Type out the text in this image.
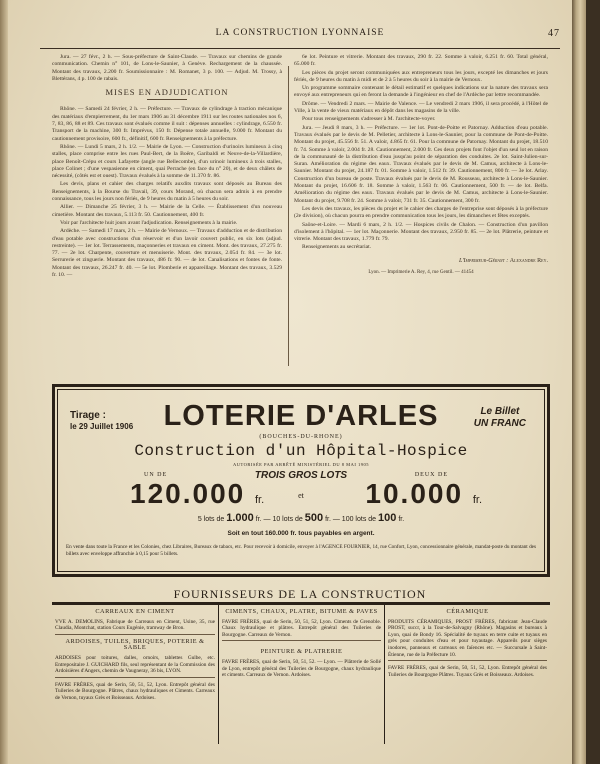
LA CONSTRUCTION LYONNAISE	47

Jura. — 27 févr., 2 h. — Sous-préfecture de Saint-Claude. — Travaux sur chemins de grande communication. Chemin n° 101, de Lons-le-Saunier, à Genève. Rechargement de la chaussée. Montant des travaux, 2.200 fr. Soumissionnaire : M. Romanet, 3 p. 100. — Adjud. M. Trossy, à Blettérans, 4 p. 100 de rabais.

MISES EN ADJUDICATION

Rhône. — Samedi 24 février, 2 h. — Préfecture. — Travaux de cylindrage à traction mécanique des matériaux d'empierrement, du 1er mars 1906 au 31 décembre 1911 sur les routes nationales nos 6, 7, 83, 86, 88 et 89. Ces travaux sont évalués comme il suit : dépenses annuelles : cylindrage, 6.550 fr. Transport de la machine, 300 fr. Imprévus, 150 fr. Dépense totale annuelle, 9.000 fr. Montant du cautionnement provisoire, 600 fr., définitif, 600 fr. Renseignements à la préfecture.

Rhône. — Lundi 5 mars, 2 h. 1/2. — Mairie de Lyon. — Construction d'urinoirs lumineux à cinq stalles, place comprise entre les rues Paul-Bert, de la Boëre, Garibaldi et Neuve-de-la-Villardière, place Benoît-Crépu et cours Lafayette (angle rue Bellecombe), d'un urinoir lumineux à trois stalles, place Colinet ; d'une vespasienne en ciment, quai Perrache (en face du n° 20), et de deux châlets de nécessité, (côtés est et ouest). Travaux évalués à la somme de 11.370 fr. 86.

Les devis, plans et cahier des charges relatifs auxdits travaux sont déposés au Bureau des Renseignements, à la Bourse du Travail, 39, cours Morand, où chacun sera admis à en prendre connaissance, tous les jours non fériés, de 9 heures du matin à 5 heures du soir.

Allier. — Dimanche 25 février, 3 h. — Mairie de la Celle. — Établissement d'un nouveau cimetière. Montant des travaux, 5.113 fr. 50. Cautionnement, 400 fr.

Voir par l'architecte huit jours avant l'adjudication. Renseignements à la mairie.

Ardèche. — Samedi 17 mars, 2 h. — Mairie de Vernoux. — Travaux d'adduction et de distribution d'eau potable avec constructions d'un réservoir et d'un lavoir couvert public, en six lots (adjud. restreinte). — 1er lot. Terrassements, maçonneries et travaux en ciment. Mont. des travaux, 27.275 fr. 77. — 2e lot. Charpente, couverture et menuiserie. Mont. des travaux, 2.054 fr. 84. — 3e lot. Serrurerie et zinguerie. Montant des travaux, 486 fr. 90. — 4e lot. Canalisations et fontes de fonte. Montant des travaux, 26.247 fr. 40. — 5e lot. Plomberie et appareillage. Montant des travaux, 3.529 fr. 10. —

6e lot. Peinture et vitrerie. Montant des travaux, 290 fr. 22. Somme à valoir, 6.251 fr. 60. Total général, 65.000 fr.

Les pièces du projet seront communiquées aux entrepreneurs tous les jours, excepté les dimanches et jours fériés, de 9 heures du matin à midi et de 2 à 5 heures du soir à la mairie de Vernoux.

Un programme sommaire contenant le détail estimatif et quelques indications sur la nature des travaux sera envoyé aux entrepreneurs qui en feront la demande à l'ingénieur en chef de l'Ardèche par lettre recommandée.

Drôme. — Vendredi 2 mars. — Mairie de Valence. — Le vendredi 2 mars 1906, il sera procédé, à l'Hôtel de Ville, à la vente de vieux matériaux en dépôt dans les magasins de la ville.

Pour tous renseignements s'adresser à M. l'architecte-voyer.

Jura. — Jeudi 8 mars, 3 h. — Préfecture. — 1er lot. Pont-de-Poitte et Patornay. Adduction d'eau potable. Travaux évalués par le devis de M. Pelletier, architecte à Lons-le-Saunier, pour la commune de Pont-de-Poitte. Montant du projet, 45.556 fr. 51. A valoir, 4.865 fr. 61. Pour la commune de Patornay. Montant du projet, 18.510 fr. 74. Somme à valoir, 2.004 fr. 28. Cautionnement, 2.000 fr. Ces deux projets font l'objet d'un seul lot en raison de la communauté de la distribution d'eau jusqu'au point de séparation des conduites. 2e lot. Saint-Julien-sur-Suran. Amélioration du régime des eaux. Travaux évalués par le devis de M. Camus, architecte à Lons-le-Saunier. Montant du projet, 24.187 fr. 01. Somme à valoir, 1.512 fr. 39. Cautionnement, 800 fr. — 3e lot. Arlay. Construction d'un bureau de poste. Travaux évalués par le devis de M. Rousseau, architecte à Lons-le-Saunier. Montant du projet, 16.606 fr. 18. Somme à valoir, 1.563 fr. 06. Cautionnement, 500 fr. — 4e lot. Belfa. Amélioration du régime des eaux. Travaux évalués par le devis de M. Camus, architecte à Lons-le-Saunier. Montant du projet, 9.708 fr. 24. Somme à valoir, 731 fr. 35. Cautionnement, 300 fr.

Les devis des travaux, les pièces du projet et le cahier des charges de l'entreprise sont déposés à la préfecture (2e division), où chacun pourra en prendre communication tous les jours, les dimanches et fêtes exceptés.

Saône-et-Loire. — Mardi 6 mars, 2 h. 1/2. — Hospices civils de Chalon. — Construction d'un pavillon d'isolement à l'hôpital. — 1er lot. Maçonnerie. Montant des travaux, 2.950 fr. 85. — 2e lot. Plâtrerie, peinture et vitrerie. Montant des travaux, 1.779 fr. 79.

Renseignements au secrétariat.

L'Imprimeur-Gérant : Alexandre Rey.
Lyon. — Imprimerie A. Rey, 4, rue Gentil. — 41454
Tirage :
le 29 Juillet 1906	LOTERIE D'ARLES	Le Billet
UN FRANC
(BOUCHES-DU-RHONE)
Construction d'un Hôpital-Hospice
AUTORISÉE PAR ARRÊTÉ MINISTÉRIEL DU 8 MAI 1905
UN DE	TROIS GROS LOTS	DEUX DE
120.000 fr.	et	10.000 fr.
5 lots de 1.000 fr. — 10 lots de 500 fr. — 100 lots de 100 fr.
Soit en tout 160.000 fr. tous payables en argent.
En vente dans toute la France et les Colonies, chez Libraires, Bureaux de tabacs, etc. Pour recevoir à domicile, envoyer à l'AGENCE FOURNIER, 14, rue Confort, Lyon, concessionnaire générale, mandat-poste du montant des billets avec enveloppe affranchie à 0,15 pour 5 billets.
FOURNISSEURS DE LA CONSTRUCTION
CARREAUX EN CIMENT
VVE A. DEMOLINS, Fabrique de Carreaux en Ciment, Usine, 35, rue Claudia, Montchat, station Cours Eugénie, tramway de Bron.
ARDOISES, TUILES, BRIQUES, POTERIE & SABLE
ARDOISES pour toitures, dalles, ornoirs, tablettes Gulbe, etc. Entrepositaire J. GUICHARD fils, seul représentant de la Commission des Ardoisières d'Angers, chemin de Vaugneray, 36 bis, LYON.
FAVRE FRÈRES, quai de Serin, 50, 51, 52, Lyon. Entrepôt général des Tuileries de Bourgogne. Plâtres, chaux hydrauliques et Ciments. Carreaux de Vernon, tuyaux Grès et Boisseaux. Ardoises.
CIMENTS, CHAUX, PLATRE, BITUME & PAVES
FAVRE FRÈRES, quai de Serin, 50, 51, 52, Lyon. Ciments de Grenoble. Chaux hydraulique et plâtres. Entrepôt général des Tuileries de Bourgogne. Carreaux de Vernon.
PEINTURE & PLATRERIE
FAVRE FRÈRES, quai de Serin, 50, 51, 52. — Lyon. — Plâtrerie de Sollé de Lyon, entrepôt général des Tuileries de Bourgogne, chaux hydraulique et ciments. Carreaux de Vernon. Ardoises.
CÉRAMIQUE
PRODUITS CÉRAMIQUES, PROST FRÈRES, fabricant Jean-Claude PROST, succr, à la Tour-de-Salvagny (Rhône). Magasins et bureaux à Lyon, quai de Bondy 16. Spécialité de tuyaux en terre cuite et tuyaux en grès pour conduites d'eau et pour tuyautage. Appareils pour sièges inodores, panneaux et carreaux en faïences etc. — Succursale à Saint-Étienne, rue de la Préfecture 10.
FAVRE FRÈRES, quai de Serin, 50, 51, 52, Lyon. Entrepôt général des Tuileries de Bourgogne Plâtres. Tuyaux Grès et Boisseaux. Ardoises.
